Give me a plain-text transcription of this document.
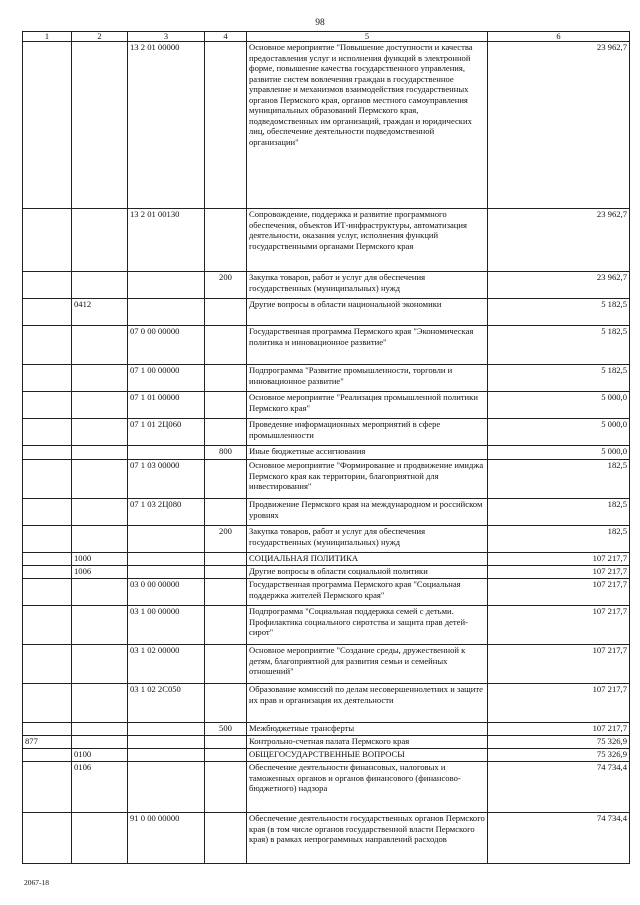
98
1	2	3	4	5	6
		13 2 01 00000		Основное мероприятие "Повышение доступности и качества предоставления услуг и исполнения функций в электронной форме, повышение качества государственного управления, развитие систем вовлечения граждан в государственное управление и механизмов взаимодействия государственных органов Пермского края, органов местного самоуправления муниципальных образований Пермского края, подведомственных им организаций, граждан и юридических лиц, обеспечение деятельности подведомственной организации"	23 962,7
		13 2 01 00130		Сопровождение, поддержка и развитие программного обеспечения, объектов ИТ-инфраструктуры, автоматизация деятельности, оказания услуг, исполнения функций государственными органами Пермского края	23 962,7
			200	Закупка товаров, работ и услуг для обеспечения государственных (муниципальных) нужд	23 962,7
	0412			Другие вопросы в области национальной экономики	5 182,5
		07 0 00 00000		Государственная программа Пермского края "Экономическая политика и инновационное развитие"	5 182,5
		07 1 00 00000		Подпрограмма "Развитие промышленности, торговли и инновационное развитие"	5 182,5
		07 1 01 00000		Основное мероприятие "Реализация промышленной политики Пермского края"	5 000,0
		07 1 01 2Ц060		Проведение информационных мероприятий в сфере промышленности	5 000,0
			800	Иные бюджетные ассигнования	5 000,0
		07 1 03 00000		Основное мероприятие "Формирование и продвижение имиджа Пермского края как территории, благоприятной для инвестирования"	182,5
		07 1 03 2Ц080		Продвижение Пермского края на международном и российском уровнях	182,5
			200	Закупка товаров, работ и услуг для обеспечения государственных (муниципальных) нужд	182,5
	1000			СОЦИАЛЬНАЯ ПОЛИТИКА	107 217,7
	1006			Другие вопросы в области социальной политики	107 217,7
		03 0 00 00000		Государственная программа Пермского края "Социальная поддержка жителей Пермского края"	107 217,7
		03 1 00 00000		Подпрограмма "Социальная поддержка семей с детьми. Профилактика социального сиротства и защита прав детей-сирот"	107 217,7
		03 1 02 00000		Основное мероприятие "Создание среды, дружественной к детям, благоприятной для развития семьи и семейных отношений"	107 217,7
		03 1 02 2С050		Образование комиссий по делам несовершеннолетних и защите их прав и организация их деятельности	107 217,7
			500	Межбюджетные трансферты	107 217,7
877				Контрольно-счетная палата Пермского края	75 326,9
	0100			ОБЩЕГОСУДАРСТВЕННЫЕ ВОПРОСЫ	75 326,9
	0106			Обеспечение деятельности финансовых, налоговых и таможенных органов и органов финансового (финансово-бюджетного) надзора	74 734,4
		91 0 00 00000		Обеспечение деятельности государственных органов Пермского края (в том числе органов государственной власти Пермского края) в рамках непрограммных направлений расходов	74 734,4
2067-18
